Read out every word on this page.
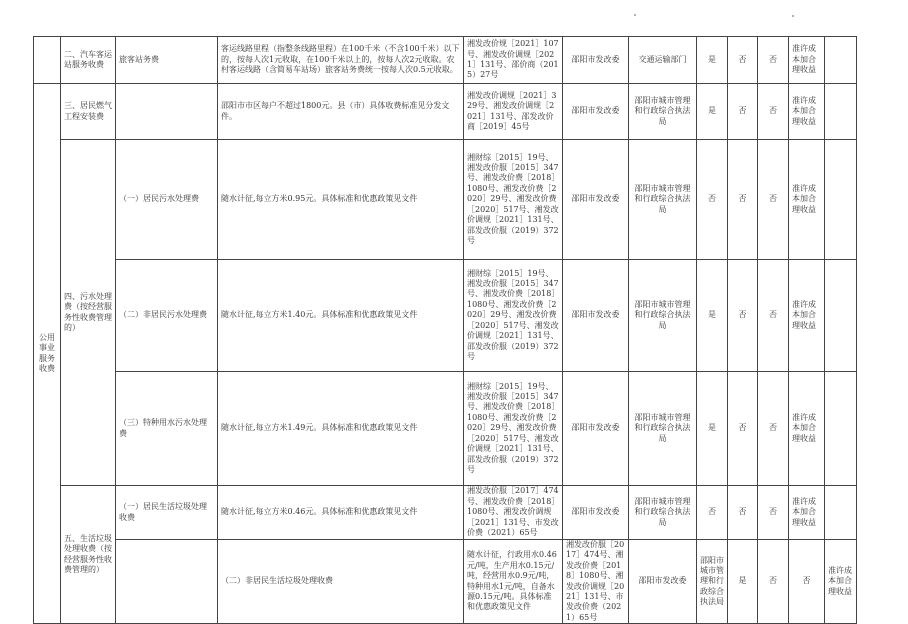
	二、汽车客运站服务收费	旅客站务费	客运线路里程（指整条线路里程）在100千米（不含100千米）以下的，按每人次1元收取，在100千米以上的，按每人次2元收取。农村客运线路（含简易车站场）旅客站务费统一按每人次0.5元收取。	湘发改价规［2021］107号、湘发改价调规［2021］131号、邵价商（2015）27号	邵阳市发改委	交通运输部门	是	否	否	准许成本加合理收益		
公用事业服务收费	三、居民燃气工程安装费		邵阳市市区每户不超过1800元。县（市）具体收费标准见分发文件。	湘发改价调规［2021］329号、湘发改价调规［2021］131号、邵发改价商［2019］45号	邵阳市发改委	邵阳市城市管理和行政综合执法局	是	否	否	准许成本加合理收益		
	四、污水处理费（按经营服务性收费管理的）	（一）居民污水处理费	随水计征,每立方米0.95元。具体标准和优惠政策见文件	湘财综［2015］19号、湘发改价服［2015］347号、湘发改价费［2018］1080号、湘发改价费［2020］29号、湘发改价费［2020］517号、湘发改价调规［2021］131号、邵发改价服（2019）372号	邵阳市发改委	邵阳市城市管理和行政综合执法局	否	否	否	准许成本加合理收益		
		（二）非居民污水处理费	随水计征,每立方米1.40元。具体标准和优惠政策见文件	湘财综［2015］19号、湘发改价服［2015］347号、湘发改价费［2018］1080号、湘发改价费［2020］29号、湘发改价费［2020］517号、湘发改价调规［2021］131号、邵发改价服（2019）372号	邵阳市发改委	邵阳市城市管理和行政综合执法局	是	否	否	准许成本加合理收益		
		（三）特种用水污水处理费	随水计征,每立方米1.49元。具体标准和优惠政策见文件	湘财综［2015］19号、湘发改价服［2015］347号、湘发改价费［2018］1080号、湘发改价费［2020］29号、湘发改价费［2020］517号、湘发改价调规［2021］131号、邵发改价服（2019）372号	邵阳市发改委	邵阳市城市管理和行政综合执法局	是	否	否	准许成本加合理收益		
	五、生活垃圾处理收费（按经营服务性收费管理的）	（一）居民生活垃圾处理收费	随水计征,每立方米0.46元。具体标准和优惠政策见文件	湘发改价服［2017］474号、湘发改价费［2018］1080号、湘发改价调规［2021］131号、市发改价费（2021）65号	邵阳市发改委	邵阳市城市管理和行政综合执法局	否	否	否	准许成本加合理收益		
			（二）非居民生活垃圾处理收费	随水计征，行政用水0.46元/吨，生产用水0.15元/吨，经营用水0.9元/吨，特种用水1元/吨，自备水源0.15元/吨。具体标准和优惠政策见文件	湘发改价服［2017］474号、湘发改价费［2018］1080号、湘发改价调规［2021］131号、市发改价费（2021）65号	邵阳市发改委	邵阳市城市管理和行政综合执法局	是	否	否	准许成本加合理收益	
